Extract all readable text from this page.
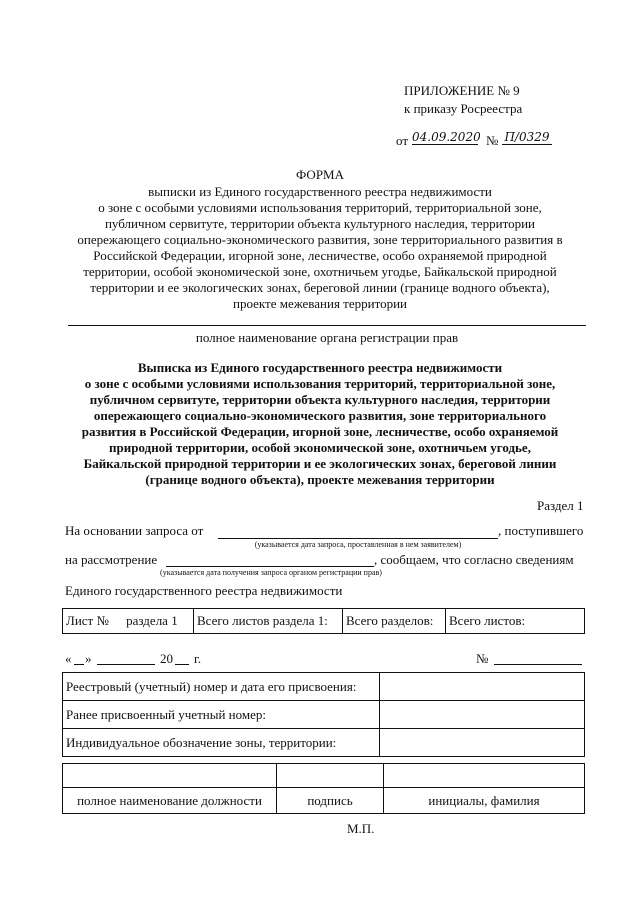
ПРИЛОЖЕНИЕ № 9
к приказу Росреестра
от 04.09.2020 № П/0329
ФОРМА
выписки из Единого государственного реестра недвижимости
о зоне с особыми условиями использования территорий, территориальной зоне,
публичном сервитуте, территории объекта культурного наследия, территории
опережающего социально-экономического развития, зоне территориального развития в
Российской Федерации, игорной зоне, лесничестве, особо охраняемой природной
территории, особой экономической зоне, охотничьем угодье, Байкальской природной
территории и ее экологических зонах, береговой линии (границе водного объекта),
проекте межевания территории
полное наименование органа регистрации прав
Выписка из Единого государственного реестра недвижимости
о зоне с особыми условиями использования территорий, территориальной зоне,
публичном сервитуте, территории объекта культурного наследия, территории
опережающего социально-экономического развития, зоне территориального
развития в Российской Федерации, игорной зоне, лесничестве, особо охраняемой
природной территории, особой экономической зоне, охотничьем угодье,
Байкальской природной территории и ее экологических зонах, береговой линии
(границе водного объекта), проекте межевания территории
Раздел 1
На основании запроса от	, поступившего
(указывается дата запроса, проставленная в нем заявителем)
на рассмотрение	, сообщаем, что согласно сведениям
(указывается дата получения запроса органом регистрации прав)
Единого государственного реестра недвижимости
Лист № раздела 1	Всего листов раздела 1:	Всего разделов:	Всего листов:
« »	20 г.	№
Реестровый (учетный) номер и дата его присвоения:	
Ранее присвоенный учетный номер:	
Индивидуальное обозначение зоны, территории:	

полное наименование должности	подпись	инициалы, фамилия
М.П.
